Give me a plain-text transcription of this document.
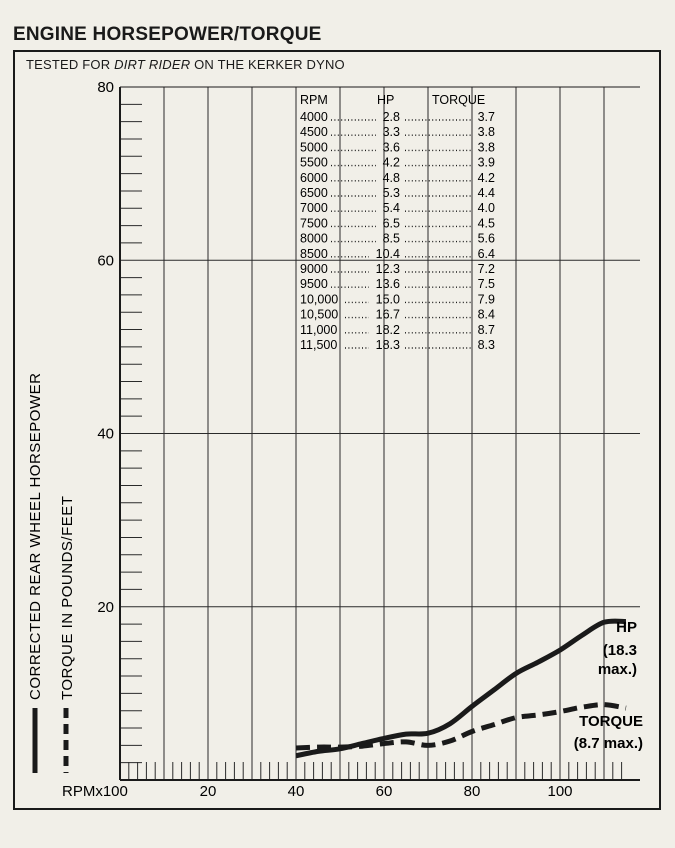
ENGINE HORSEPOWER/TORQUE
TESTED FOR DIRT RIDER ON THE KERKER DYNO
20
40
60
80
20	40	60	80	100
RPMx100
CORRECTED REAR WHEEL HORSEPOWER TORQUE IN POUNDS/FEET	HP
(18.3
max.)
TORQUE
(8.7 max.)
RPM	HP	TORQUE
4000	2.8	3.7
4500	3.3	3.8
5000	3.6	3.8
5500	4.2	3.9
6000	4.8	4.2
6500	5.3	4.4
7000	5.4	4.0
7500	6.5	4.5
8000	8.5	5.6
8500	10.4	6.4
9000	12.3	7.2
9500	13.6	7.5
10,000	15.0	7.9
10,500	16.7	8.4
11,000	18.2	8.7
11,500	18.3	8.3
